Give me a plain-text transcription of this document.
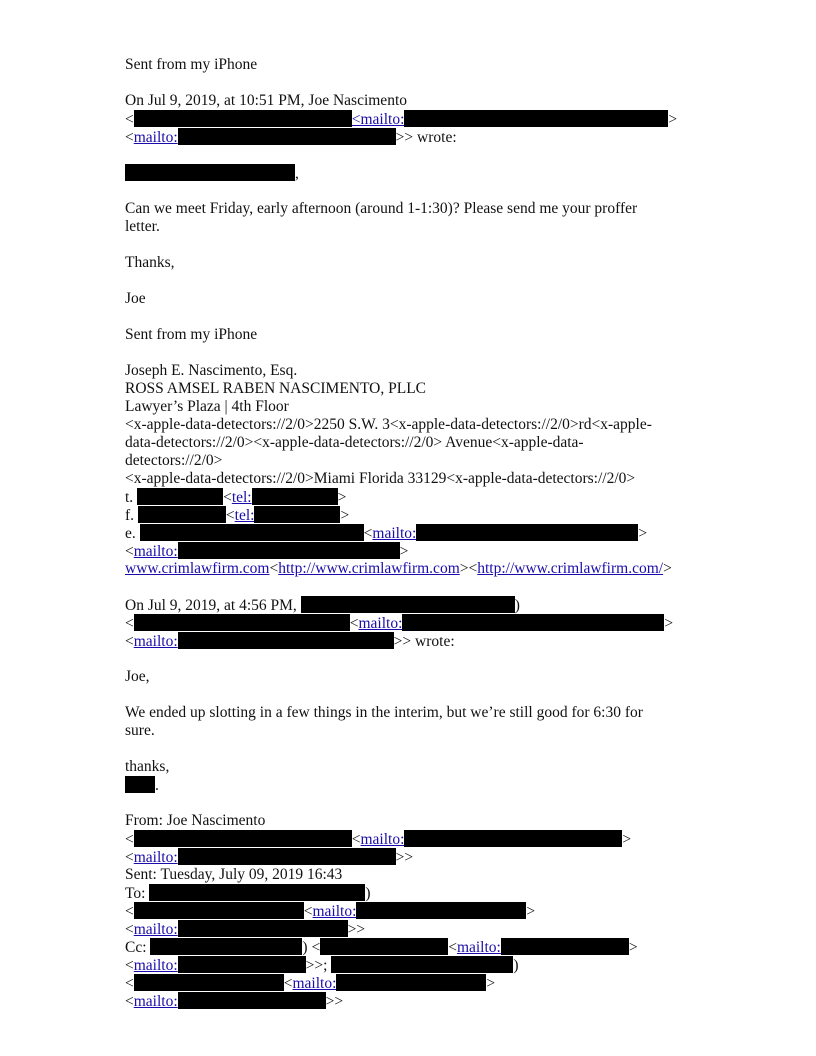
Sent from my iPhone
On Jul 9, 2019, at 10:51 PM, Joe Nascimento
<	<mailto:	>
<mailto:	>> wrote:
,
Can we meet Friday, early afternoon (around 1-1:30)? Please send me your proffer
letter.
Thanks,
Joe
Sent from my iPhone
Joseph E. Nascimento, Esq.
ROSS AMSEL RABEN NASCIMENTO, PLLC
Lawyer’s Plaza | 4th Floor
<x-apple-data-detectors://2/0>2250 S.W. 3<x-apple-data-detectors://2/0>rd<x-apple-
data-detectors://2/0><x-apple-data-detectors://2/0> Avenue<x-apple-data-
detectors://2/0>
<x-apple-data-detectors://2/0>Miami Florida 33129<x-apple-data-detectors://2/0>
t.	<tel:	>
f.	<tel:	>
e.	<mailto:	>
<mailto:	>
www.crimlawfirm.com<http://www.crimlawfirm.com><http://www.crimlawfirm.com/>
On Jul 9, 2019, at 4:56 PM,	)
<	<mailto:	>
<mailto:	>> wrote:
Joe,
We ended up slotting in a few things in the interim, but we’re still good for 6:30 for
sure.
thanks,
.
From: Joe Nascimento
<	<mailto:	>
<mailto:	>>
Sent: Tuesday, July 09, 2019 16:43
To:	)
<	<mailto:	>
<mailto:	>>
Cc:	) <	<mailto:	>
<mailto:	>>;	)
<	<mailto:	>
<mailto:	>>
